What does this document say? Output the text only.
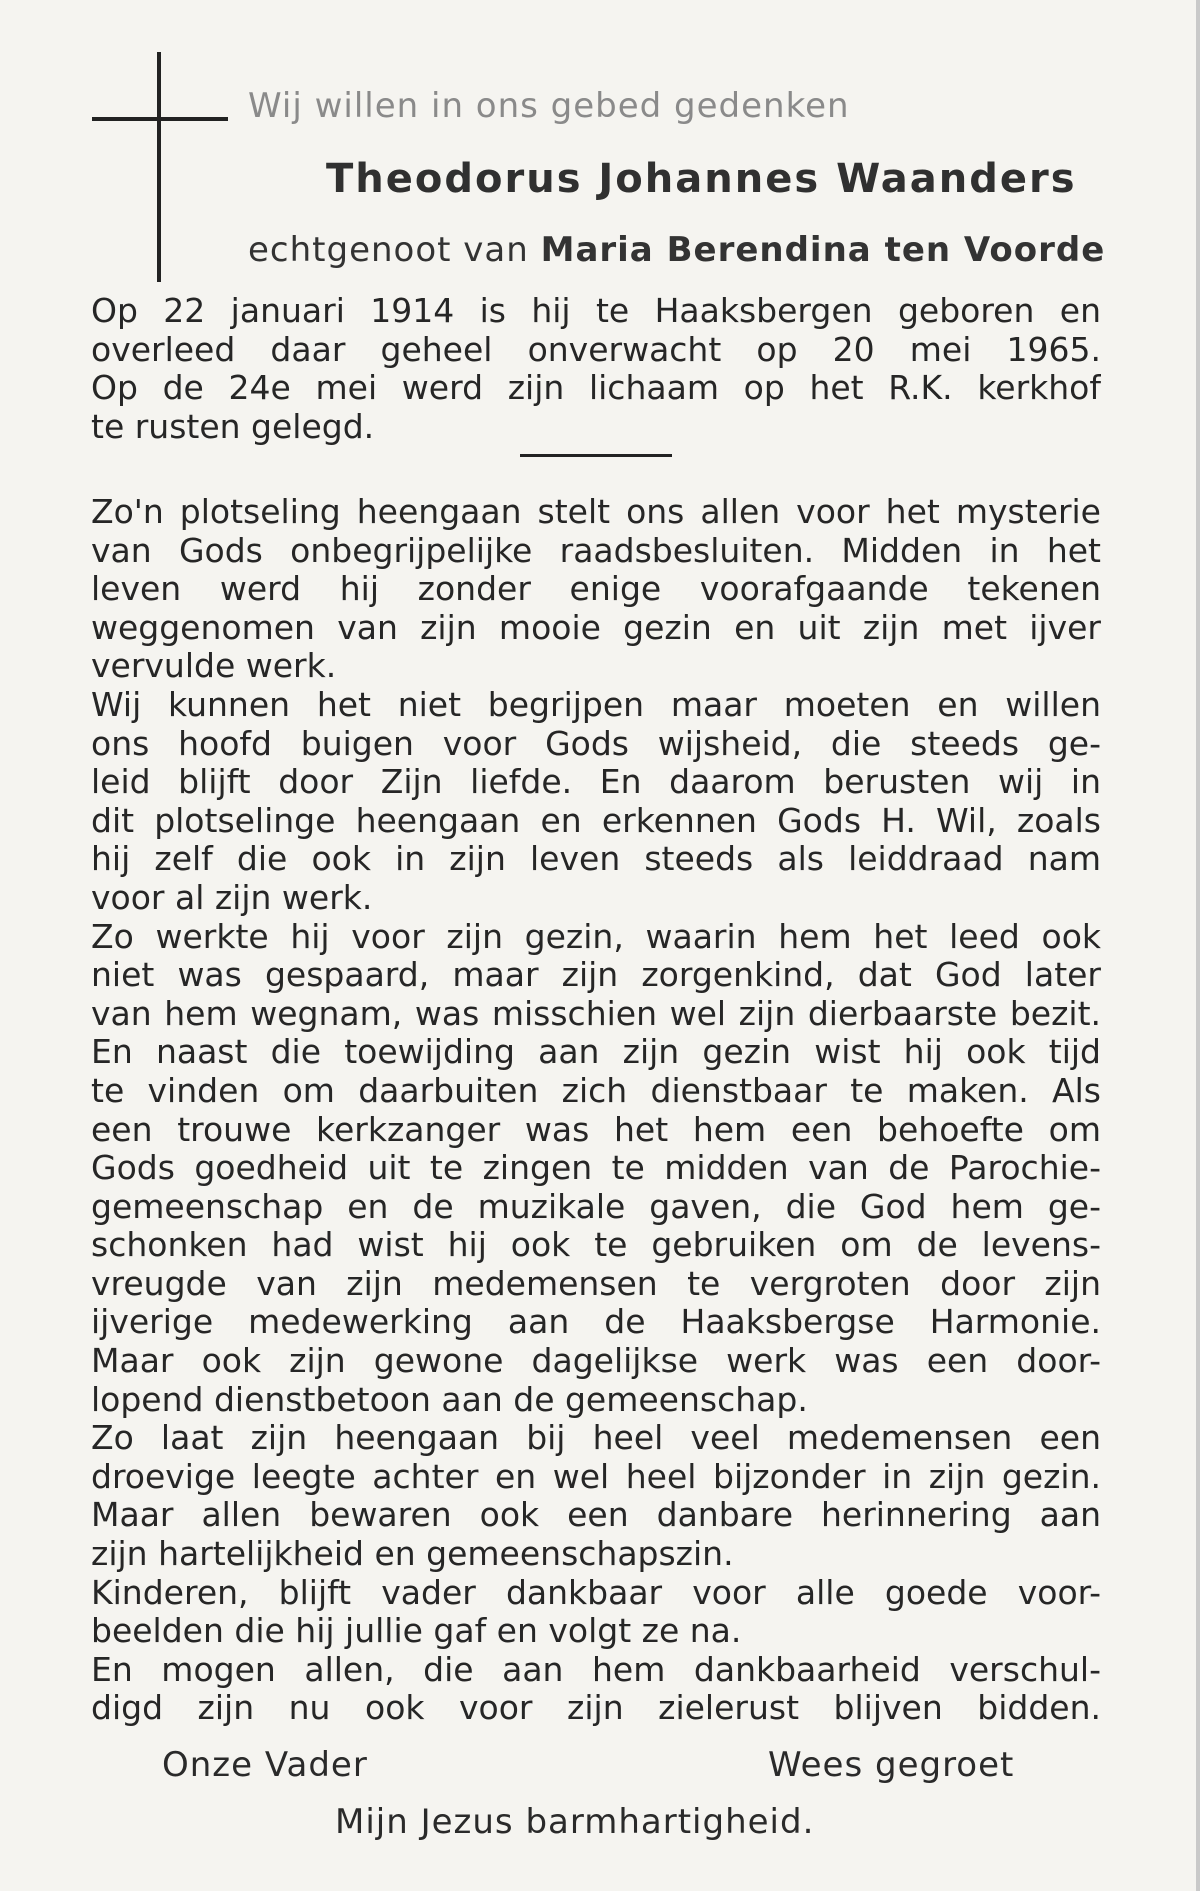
Wij willen in ons gebed gedenken
Theodorus Johannes Waanders
echtgenoot van Maria Berendina ten Voorde
Op 22 januari 1914 is hij te Haaksbergen geboren en
overleed daar geheel onverwacht op 20 mei 1965.
Op de 24e mei werd zijn lichaam op het R.K. kerkhof
te rusten gelegd.
Zo'n plotseling heengaan stelt ons allen voor het mysterie
van Gods onbegrijpelijke raadsbesluiten. Midden in het
leven werd hij zonder enige voorafgaande tekenen
weggenomen van zijn mooie gezin en uit zijn met ijver
vervulde werk.
Wij kunnen het niet begrijpen maar moeten en willen
ons hoofd buigen voor Gods wijsheid, die steeds ge-
leid blijft door Zijn liefde. En daarom berusten wij in
dit plotselinge heengaan en erkennen Gods H. Wil, zoals
hij zelf die ook in zijn leven steeds als leiddraad nam
voor al zijn werk.
Zo werkte hij voor zijn gezin, waarin hem het leed ook
niet was gespaard, maar zijn zorgenkind, dat God later
van hem wegnam, was misschien wel zijn dierbaarste bezit.
En naast die toewijding aan zijn gezin wist hij ook tijd
te vinden om daarbuiten zich dienstbaar te maken. Als
een trouwe kerkzanger was het hem een behoefte om
Gods goedheid uit te zingen te midden van de Parochie-
gemeenschap en de muzikale gaven, die God hem ge-
schonken had wist hij ook te gebruiken om de levens-
vreugde van zijn medemensen te vergroten door zijn
ijverige medewerking aan de Haaksbergse Harmonie.
Maar ook zijn gewone dagelijkse werk was een door-
lopend dienstbetoon aan de gemeenschap.
Zo laat zijn heengaan bij heel veel medemensen een
droevige leegte achter en wel heel bijzonder in zijn gezin.
Maar allen bewaren ook een danbare herinnering aan
zijn hartelijkheid en gemeenschapszin.
Kinderen, blijft vader dankbaar voor alle goede voor-
beelden die hij jullie gaf en volgt ze na.
En mogen allen, die aan hem dankbaarheid verschul-
digd zijn nu ook voor zijn zielerust blijven bidden.
Onze Vader	Wees gegroet
Mijn Jezus barmhartigheid.
